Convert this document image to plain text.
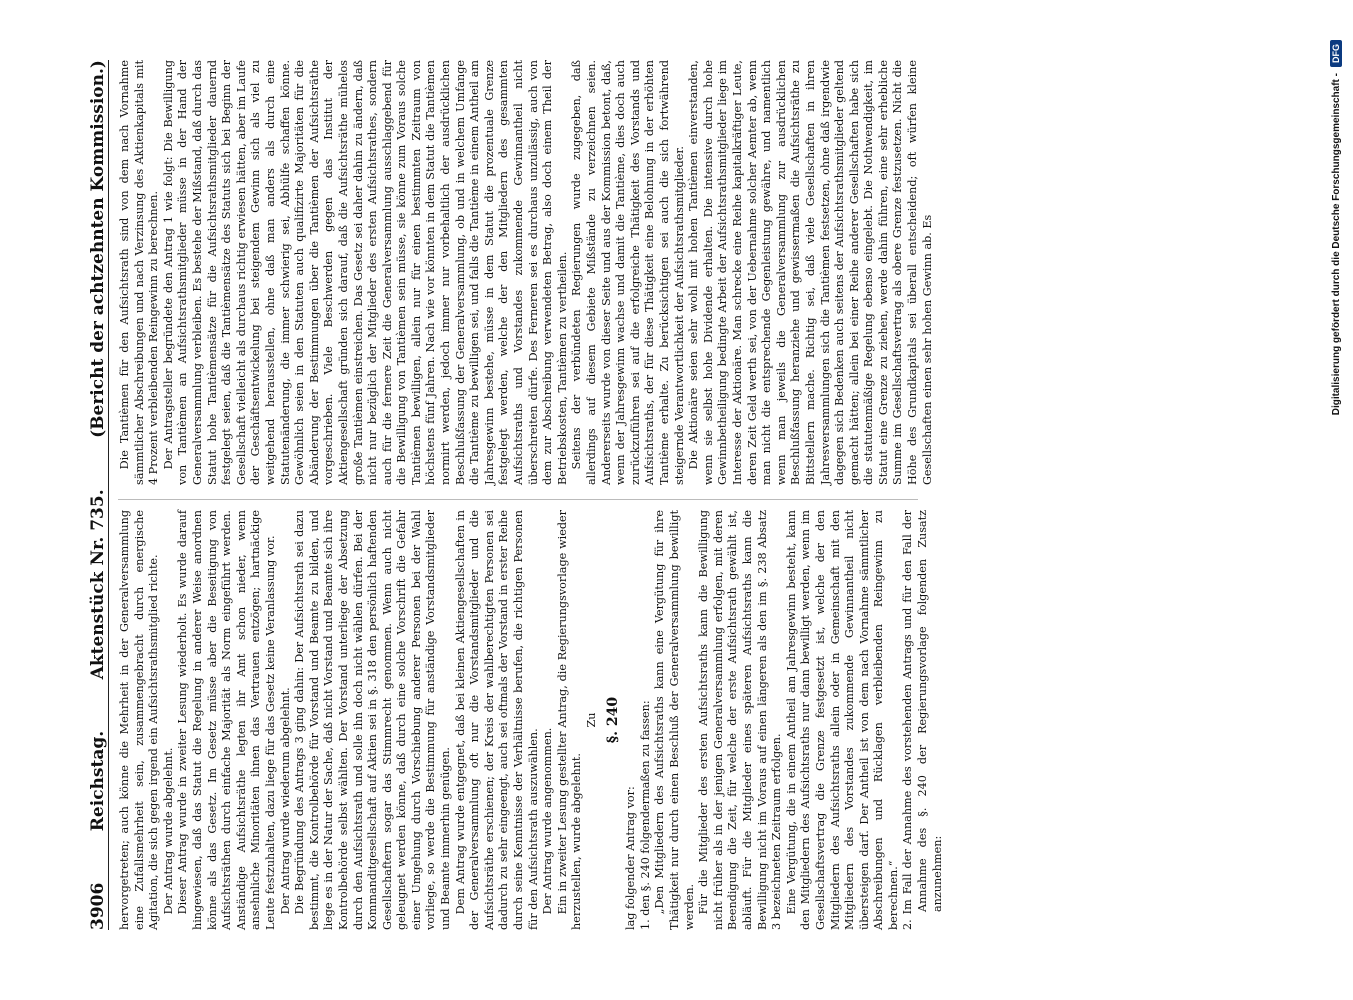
3906
Reichstag.
Aktenstück Nr. 735.
(Bericht der achtzehnten Kommission.)

hervorgetreten; auch könne die Mehrheit in der Generalversammlung eine Zufallsmehrheit sein, zusammengebracht durch energische Agitation, die sich gegen irgend ein Aufsichtsrathsmitglied richte. Der Antrag wurde abgelehnt. Dieser Antrag wurde in zweiter Lesung wiederholt. Es wurde darauf hingewiesen, daß das Statut die Regelung in anderer Weise anordnen könne als das Gesetz. Im Gesetz müsse aber die Beseitigung von Aufsichtsräthen durch einfache Majorität als Norm eingeführt werden. Anständige Aufsichtsräthe legten ihr Amt schon nieder, wenn ansehnliche Minoritäten ihnen das Vertrauen entzögen; hartnäckige Leute festzuhalten, dazu liege für das Gesetz keine Veranlassung vor. Der Antrag wurde wiederum abgelehnt. Die Begründung des Antrags 3 ging dahin: Der Aufsichtsrath sei dazu bestimmt, die Kontrolbehörde für Vorstand und Beamte zu bilden, und liege es in der Natur der Sache, daß nicht Vorstand und Beamte sich ihre Kontrolbehörde selbst wählten. Der Vorstand unterliege der Absetzung durch den Aufsichtsrath und solle ihn doch nicht wählen dürfen. Bei der Kommanditgesellschaft auf Aktien sei in §. 318 den persönlich haftenden Gesellschaftern sogar das Stimmrecht genommen. Wenn auch nicht geleugnet werden könne, daß durch eine solche Vorschrift die Gefahr einer Umgehung durch Vorschiebung anderer Personen bei der Wahl vorliege, so werde die Bestimmung für anständige Vorstandsmitglieder und Beamte immerhin genügen. Dem Antrag wurde entgegnet, daß bei kleinen Aktiengesellschaften in der Generalversammlung oft nur die Vorstandsmitglieder und die Aufsichtsräthe erschienen; der Kreis der wahlberechtigten Personen sei dadurch zu sehr eingeengt, auch sei oftmals der Vorstand in erster Reihe durch seine Kenntnisse der Verhältnisse berufen, die richtigen Personen für den Aufsichtsrath auszuwählen. Der Antrag wurde angenommen. Ein in zweiter Lesung gestellter Antrag, die Regierungsvorlage wieder herzustellen, wurde abgelehnt.

Zu §. 240

lag folgender Antrag vor: 1. den §. 240 folgendermaßen zu fassen: „Den Mitgliedern des Aufsichtsraths kann eine Vergütung für ihre Thätigkeit nur durch einen Beschluß der Generalversammlung bewilligt werden. Für die Mitglieder des ersten Aufsichtsraths kann die Bewilligung nicht früher als in der jenigen Generalversammlung erfolgen, mit deren Beendigung die Zeit, für welche der erste Aufsichtsrath gewählt ist, abläuft. Für die Mitglieder eines späteren Aufsichtsraths kann die Bewilligung nicht im Voraus auf einen längeren als den im §. 238 Absatz 3 bezeichneten Zeitraum erfolgen. Eine Vergütung, die in einem Antheil am Jahresgewinn besteht, kann den Mitgliedern des Aufsichtsraths nur dann bewilligt werden, wenn im Gesellschaftsvertrag die Grenze festgesetzt ist, welche der den Mitgliedern des Aufsichtsraths allein oder in Gemeinschaft mit den Mitgliedern des Vorstandes zukommende Gewinnantheil nicht übersteigen darf. Der Antheil ist von dem nach Vornahme sämmtlicher Abschreibungen und Rücklagen verbleibenden Reingewinn zu berechnen.“ 2. Im Fall der Annahme des vorstehenden Antrags und für den Fall der Annahme des §. 240 der Regierungsvorlage folgenden Zusatz anzunehmen:

Die Tantièmen für den Aufsichtsrath sind von dem nach Vornahme sämmtlicher Abschreibungen und nach Verzinsung des Aktienkapitals mit 4 Prozent verbleibenden Reingewinn zu berechnen. Der Antragsteller begründete den Antrag 1 wie folgt: Die Bewilligung von Tantièmen an Aufsichtsrathsmitglieder müsse in der Hand der Generalversammlung verbleiben. Es bestehe der Mißstand, daß durch das Statut hohe Tantièmensätze für die Aufsichtsrathsmitglieder dauernd festgelegt seien, daß die Tantièmensätze des Statuts sich bei Beginn der Gesellschaft vielleicht als durchaus richtig erwiesen hätten, aber im Laufe der Geschäftsentwickelung bei steigendem Gewinn sich als viel zu weitgehend herausstellen, ohne daß man anders als durch eine Statutenänderung, die immer schwierig sei, Abhülfe schaffen könne. Gewöhnlich seien in den Statuten auch qualifizirte Majoritäten für die Abänderung der Bestimmungen über die Tantièmen der Aufsichtsräthe vorgeschrieben. Viele Beschwerden gegen das Institut der Aktiengesellschaft gründen sich darauf, daß die Aufsichtsräthe mühelos große Tantièmen einstreichen. Das Gesetz sei daher dahin zu ändern, daß nicht nur bezüglich der Mitglieder des ersten Aufsichtsrathes, sondern auch für die fernere Zeit die Generalversammlung ausschlaggebend für die Bewilligung von Tantièmen sein müsse, sie könne zum Voraus solche Tantièmen bewilligen, allein nur für einen bestimmten Zeitraum von höchstens fünf Jahren. Nach wie vor könnten in dem Statut die Tantièmen normirt werden, jedoch immer nur vorbehaltlich der ausdrücklichen Beschlußfassung der Generalversammlung, ob und in welchem Umfange die Tantième zu bewilligen sei, und falls die Tantième in einem Antheil am Jahresgewinn bestehe, müsse in dem Statut die prozentuale Grenze festgelegt werden, welche der den Mitgliedern des gesammten Aufsichtsraths und Vorstandes zukommende Gewinnantheil nicht überschreiten dürfe. Des Ferneren sei es durchaus unzulässig, auch von dem zur Abschreibung verwendeten Betrag, also doch einem Theil der Betriebskosten, Tantièmen zu vertheilen. Seitens der verbündeten Regierungen wurde zugegeben, daß allerdings auf diesem Gebiete Mißstände zu verzeichnen seien. Andererseits wurde von dieser Seite und aus der Kommission betont, daß, wenn der Jahresgewinn wachse und damit die Tantième, dies doch auch zurückzuführen sei auf die erfolgreiche Thätigkeit des Vorstands und Aufsichtsraths, der für diese Thätigkeit eine Belohnung in der erhöhten Tantième erhalte. Zu berücksichtigen sei auch die sich fortwährend steigernde Verantwortlichkeit der Aufsichtsrathsmitglieder. Die Aktionäre seien sehr wohl mit hohen Tantièmen einverstanden, wenn sie selbst hohe Dividende erhalten. Die intensive durch hohe Gewinnbetheiligung bedingte Arbeit der Aufsichtsrathsmitglieder liege im Interesse der Aktionäre. Man schrecke eine Reihe kapitalkräftiger Leute, deren Zeit Geld werth sei, von der Uebernahme solcher Aemter ab, wenn man nicht die entsprechende Gegenleistung gewähre, und namentlich wenn man jeweils die Generalversammlung zur ausdrücklichen Beschlußfassung heranziehe und gewissermaßen die Aufsichtsräthe zu Bittstellern mache. Richtig sei, daß viele Gesellschaften in ihren Jahresversammlungen sich die Tantièmen festsetzen, ohne daß irgendwie dagegen sich Bedenken auch seitens der Aufsichtsrathsmitglieder geltend gemacht hätten; allein bei einer Reihe anderer Gesellschaften habe sich die statutenmäßige Regelung ebenso eingelebt. Die Nothwendigkeit, im Statut eine Grenze zu ziehen, werde dahin führen, eine sehr erhebliche Summe im Gesellschaftsvertrag als obere Grenze festzusetzen. Nicht die Höhe des Grundkapitals sei überall entscheidend; oft würfen kleine Gesellschaften einen sehr hohen Gewinn ab. Es	Digitalisierung gefördert durch die Deutsche Forschungsgemeinschaft -
DFG
